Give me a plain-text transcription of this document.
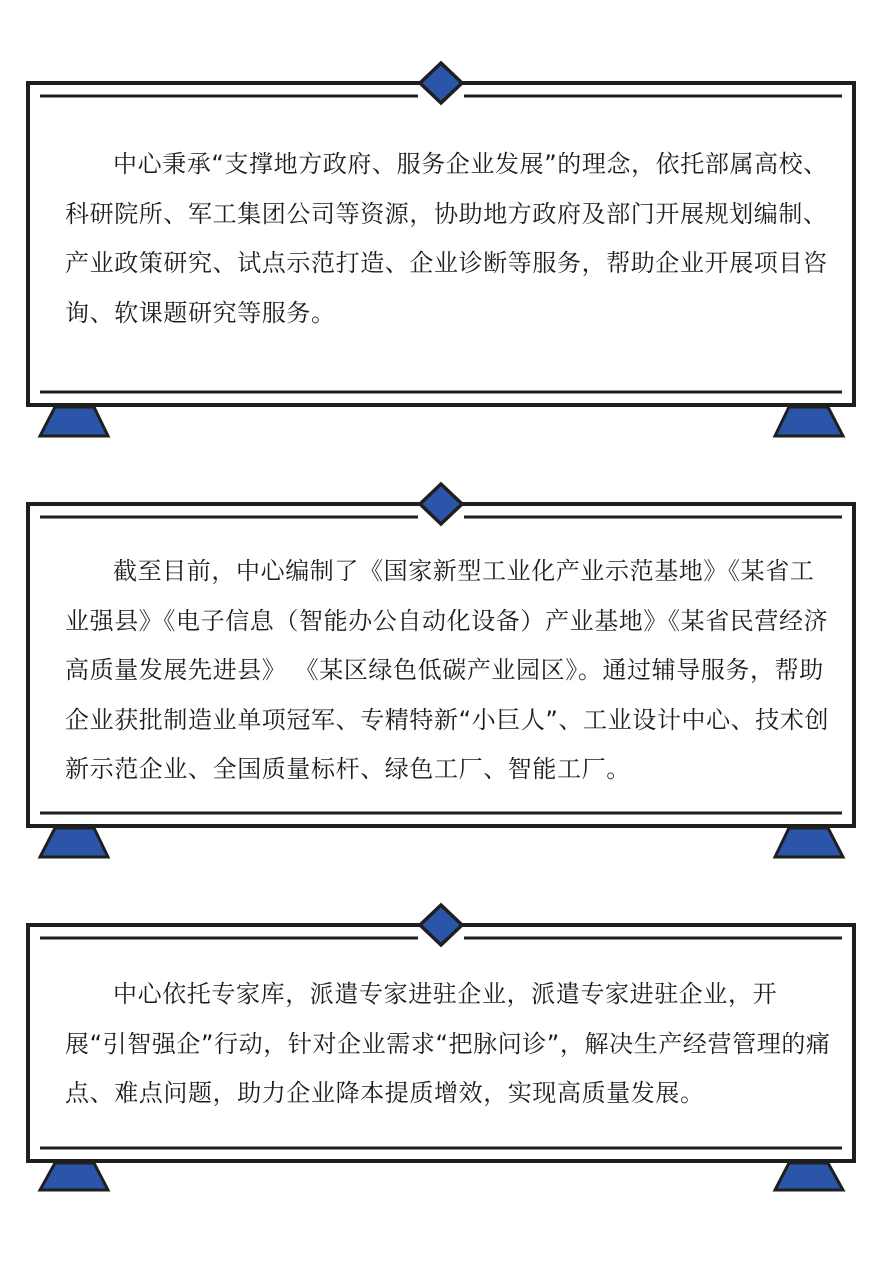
中心秉承“支撑地方政府、服务企业发展”的理念，依托部属高校、科研院所、军工集团公司等资源，协助地方政府及部门开展规划编制、产业政策研究、试点示范打造、企业诊断等服务，帮助企业开展项目咨询、软课题研究等服务。

截至目前，中心编制了《国家新型工业化产业示范基地》《某省工业强县》《电子信息（智能办公自动化设备）产业基地》《某省民营经济高质量发展先进县》 《某区绿色低碳产业园区》。通过辅导服务，帮助企业获批制造业单项冠军、专精特新“小巨人”、工业设计中心、技术创新示范企业、全国质量标杆、绿色工厂、智能工厂。

中心依托专家库，派遣专家进驻企业，派遣专家进驻企业，开展“引智强企”行动，针对企业需求“把脉问诊”，解决生产经营管理的痛点、难点问题，助力企业降本提质增效，实现高质量发展。
